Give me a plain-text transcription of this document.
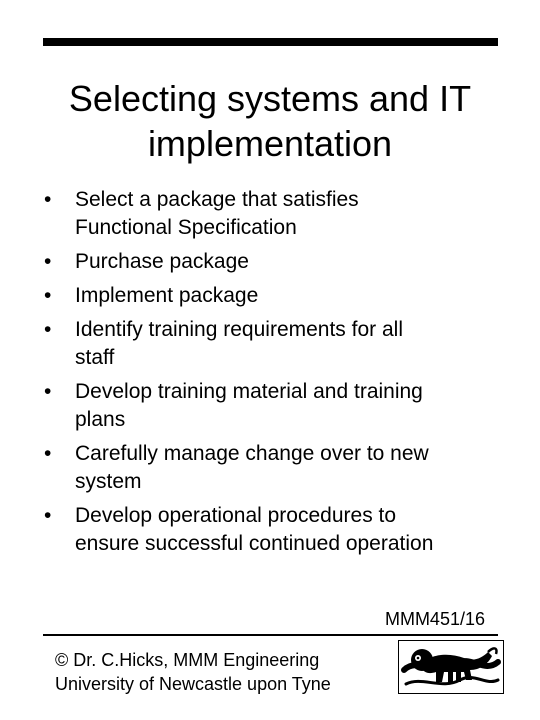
Selecting systems and IT
implementation
• Select a package that satisfies
Functional Specification
• Purchase package
• Implement package
• Identify training requirements for all
staff
• Develop training material and training
plans
• Carefully manage change over to new
system
• Develop operational procedures to
ensure successful continued operation
MMM451/16
© Dr. C.Hicks, MMM Engineering
University of Newcastle upon Tyne
